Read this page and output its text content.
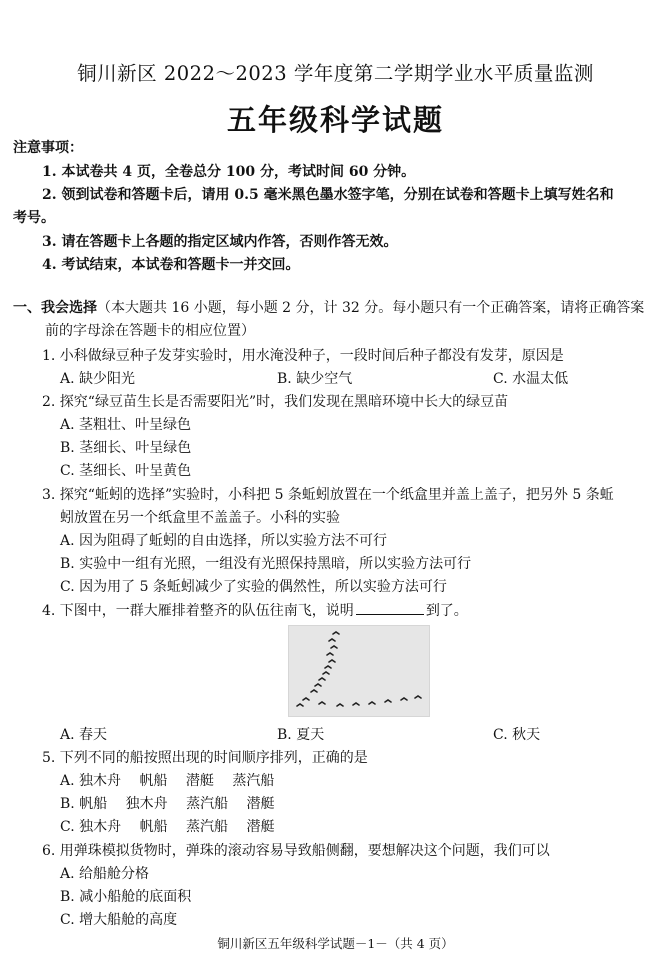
铜川新区 2022～2023 学年度第二学期学业水平质量监测
五年级科学试题
注意事项：
1. 本试卷共 4 页，全卷总分 100 分，考试时间 60 分钟。
2. 领到试卷和答题卡后，请用 0.5 毫米黑色墨水签字笔，分别在试卷和答题卡上填写姓名和
考号。
3. 请在答题卡上各题的指定区域内作答，否则作答无效。
4. 考试结束，本试卷和答题卡一并交回。
一、我会选择（本大题共 16 小题，每小题 2 分，计 32 分。每小题只有一个正确答案，请将正确答案
前的字母涂在答题卡的相应位置）
1. 小科做绿豆种子发芽实验时，用水淹没种子，一段时间后种子都没有发芽，原因是
A. 缺少阳光	B. 缺少空气	C. 水温太低
2. 探究“绿豆苗生长是否需要阳光”时，我们发现在黑暗环境中长大的绿豆苗
A. 茎粗壮、叶呈绿色
B. 茎细长、叶呈绿色
C. 茎细长、叶呈黄色
3. 探究“蚯蚓的选择”实验时，小科把 5 条蚯蚓放置在一个纸盒里并盖上盖子，把另外 5 条蚯
蚓放置在另一个纸盒里不盖盖子。小科的实验
A. 因为阻碍了蚯蚓的自由选择，所以实验方法不可行
B. 实验中一组有光照，一组没有光照保持黑暗，所以实验方法可行
C. 因为用了 5 条蚯蚓减少了实验的偶然性，所以实验方法可行
4. 下图中，一群大雁排着整齐的队伍往南飞，说明	到了。
A. 春天	B. 夏天	C. 秋天
5. 下列不同的船按照出现的时间顺序排列，正确的是
A. 独木舟　 帆船　 潜艇　 蒸汽船
B. 帆船　 独木舟　 蒸汽船　 潜艇
C. 独木舟　 帆船　 蒸汽船　 潜艇
6. 用弹珠模拟货物时，弹珠的滚动容易导致船侧翻，要想解决这个问题，我们可以
A. 给船舱分格
B. 减小船舱的底面积
C. 增大船舱的高度
铜川新区五年级科学试题－1－（共 4 页）
